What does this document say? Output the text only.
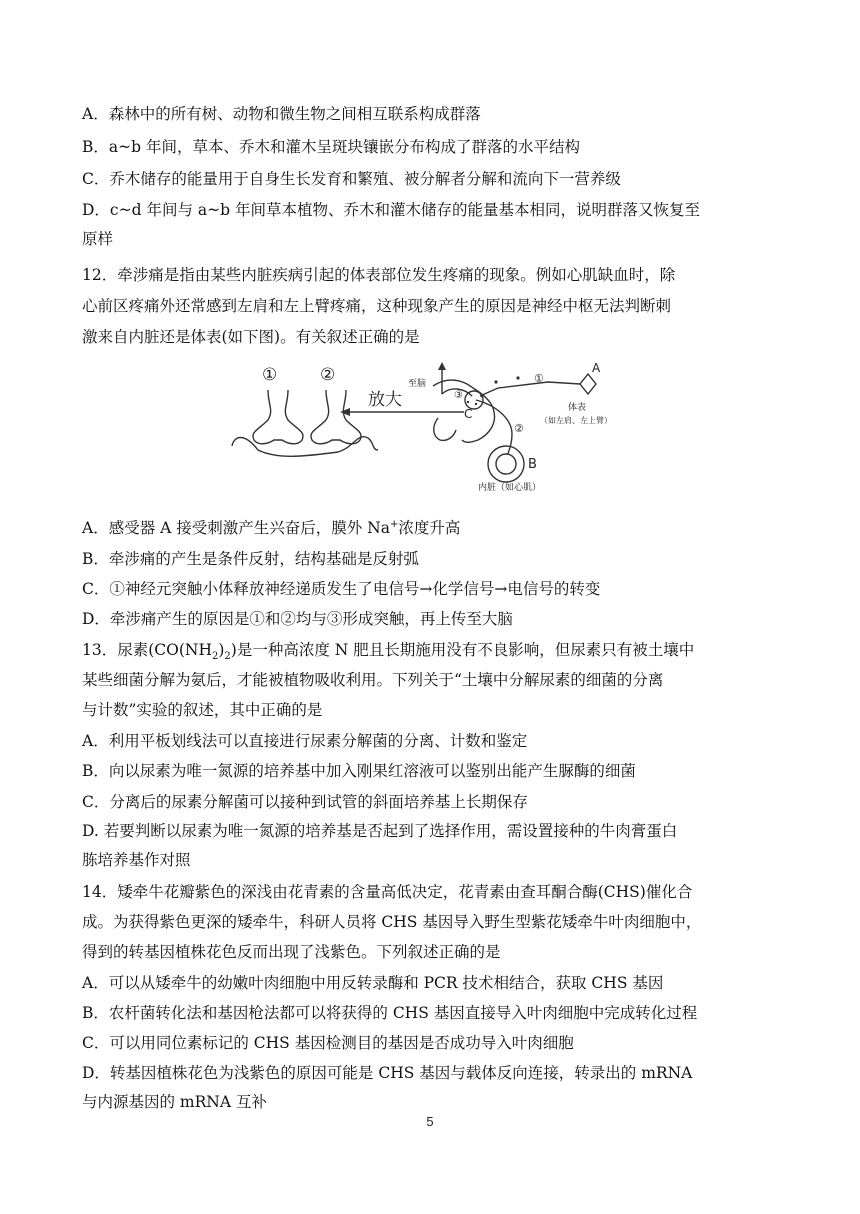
A．森林中的所有树、动物和微生物之间相互联系构成群落
B．a~b 年间，草本、乔木和灌木呈斑块镶嵌分布构成了群落的水平结构
C．乔木储存的能量用于自身生长发育和繁殖、被分解者分解和流向下一营养级
D．c~d 年间与 a~b 年间草本植物、乔木和灌木储存的能量基本相同，说明群落又恢复至
原样
12．牵涉痛是指由某些内脏疾病引起的体表部位发生疼痛的现象。例如心肌缺血时，除
心前区疼痛外还常感到左肩和左上臂疼痛，这种现象产生的原因是神经中枢无法判断刺
激来自内脏还是体表(如下图)。有关叙述正确的是
①	②
放大
至脑
③
C
①
②
A
B
体表
（如左肩、左上臂）
内脏（如心肌）
A．感受器 A 接受刺激产生兴奋后，膜外 Na+浓度升高
B．牵涉痛的产生是条件反射，结构基础是反射弧
C．①神经元突触小体释放神经递质发生了电信号→化学信号→电信号的转变
D．牵涉痛产生的原因是①和②均与③形成突触，再上传至大脑
13．尿素$(CO(NH_2)_2)$是一种高浓度 N 肥且长期施用没有不良影响，但尿素只有被土壤中
某些细菌分解为氨后，才能被植物吸收利用。下列关于“土壤中分解尿素的细菌的分离
与计数”实验的叙述，其中正确的是
A．利用平板划线法可以直接进行尿素分解菌的分离、计数和鉴定
B．向以尿素为唯一氮源的培养基中加入刚果红溶液可以鉴别出能产生脲酶的细菌
C．分离后的尿素分解菌可以接种到试管的斜面培养基上长期保存
D. 若要判断以尿素为唯一氮源的培养基是否起到了选择作用，需设置接种的牛肉膏蛋白
胨培养基作对照
14．矮牵牛花瓣紫色的深浅由花青素的含量高低决定，花青素由查耳酮合酶(CHS)催化合
成。为获得紫色更深的矮牵牛，科研人员将 CHS 基因导入野生型紫花矮牵牛叶肉细胞中，
得到的转基因植株花色反而出现了浅紫色。下列叙述正确的是
A．可以从矮牵牛的幼嫩叶肉细胞中用反转录酶和 PCR 技术相结合，获取 CHS 基因
B．农杆菌转化法和基因枪法都可以将获得的 CHS 基因直接导入叶肉细胞中完成转化过程
C．可以用同位素标记的 CHS 基因检测目的基因是否成功导入叶肉细胞
D．转基因植株花色为浅紫色的原因可能是 CHS 基因与载体反向连接，转录出的 mRNA
与内源基因的 mRNA 互补
5
